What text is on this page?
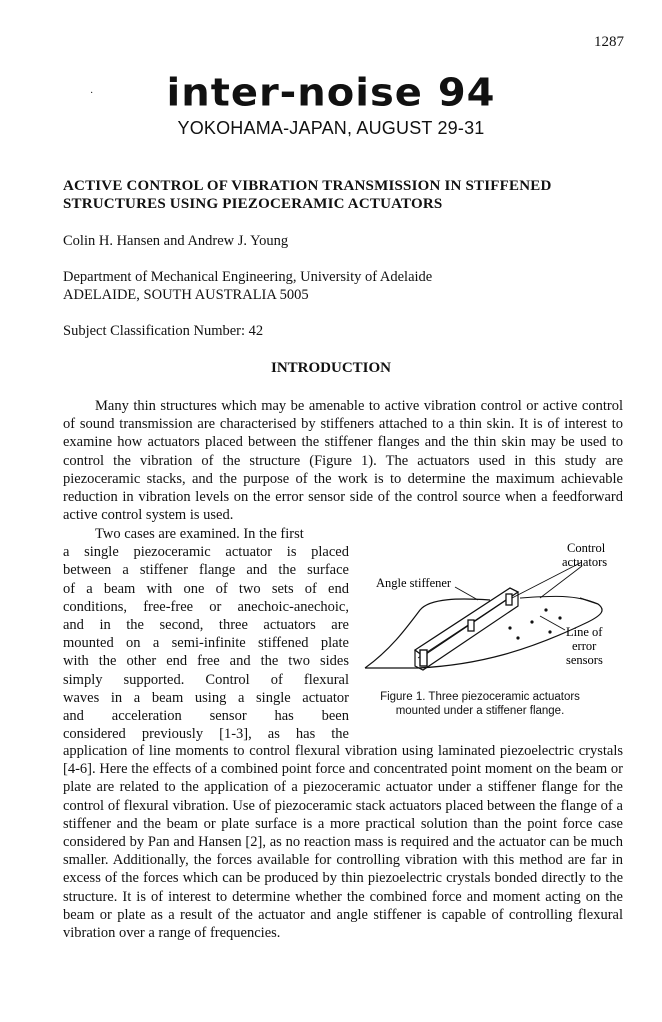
1287
·	inter-noise 94
YOKOHAMA-JAPAN, AUGUST 29-31
ACTIVE CONTROL OF VIBRATION TRANSMISSION IN STIFFENED
STRUCTURES USING PIEZOCERAMIC ACTUATORS
Colin H. Hansen and Andrew J. Young
Department of Mechanical Engineering, University of Adelaide
ADELAIDE, SOUTH AUSTRALIA 5005
Subject Classification Number: 42
INTRODUCTION

Many thin structures which may be amenable to active vibration control or active control of sound transmission are characterised by stiffeners attached to a thin skin. It is of interest to examine how actuators placed between the stiffener flanges and the thin skin may be used to control the vibration of the structure (Figure 1). The actuators used in this study are piezoceramic stacks, and the purpose of the work is to determine the maximum achievable reduction in vibration levels on the error sensor side of the control source when a feedforward active control system is used.

Two cases are examined. In the first
a single piezoceramic actuator is placed
between a stiffener flange and the surface
of a beam with one of two sets of end
conditions, free-free or anechoic-anechoic,
and in the second, three actuators are
mounted on a semi-infinite stiffened plate
with the other end free and the two sides
simply supported. Control of flexural
waves in a beam using a single actuator
and acceleration sensor has been
considered previously [1-3], as has the
Control
actuators
Angle stiffener
Line of
error
sensors
Figure 1. Three piezoceramic actuators
mounted under a stiffener flange.

application of line moments to control flexural vibration using laminated piezoelectric crystals [4-6]. Here the effects of a combined point force and concentrated point moment on the beam or plate are related to the application of a piezoceramic actuator under a stiffener flange for the control of flexural vibration. Use of piezoceramic stack actuators placed between the flange of a stiffener and the beam or plate surface is a more practical solution than the point force case considered by Pan and Hansen [2], as no reaction mass is required and the actuator can be much smaller. Additionally, the forces available for controlling vibration with this method are far in excess of the forces which can be produced by thin piezoelectric crystals bonded directly to the structure. It is of interest to determine whether the combined force and moment acting on the beam or plate as a result of the actuator and angle stiffener is capable of controlling flexural vibration over a range of frequencies.
